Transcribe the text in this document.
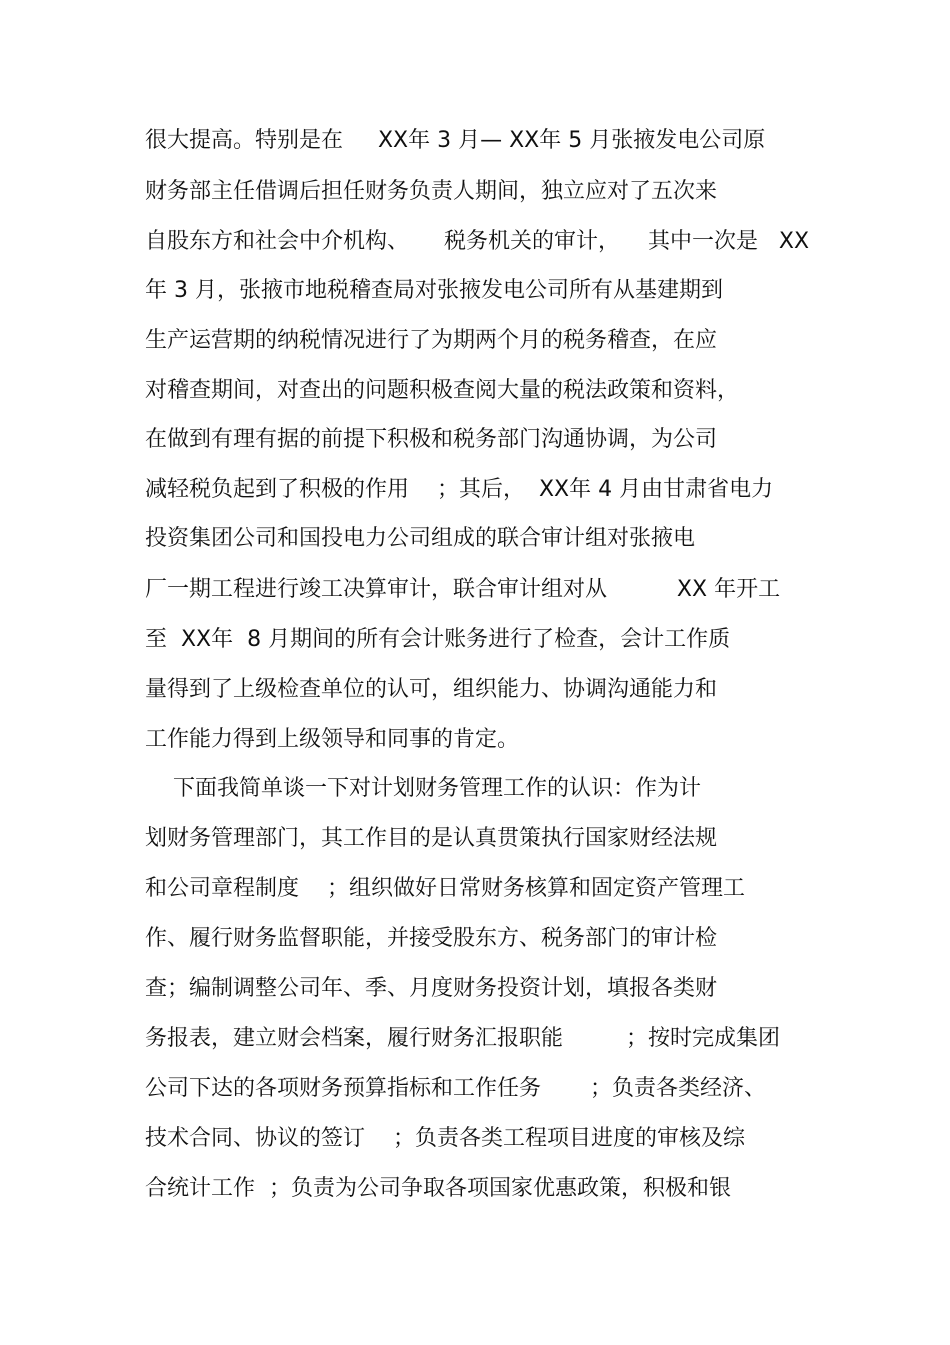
很大提高。特别是在     XX年 3 月— XX年 5 月张掖发电公司原
财务部主任借调后担任财务负责人期间，独立应对了五次来
自股东方和社会中介机构、     税务机关的审计，    其中一次是   XX
年 3 月，张掖市地税稽查局对张掖发电公司所有从基建期到
生产运营期的纳税情况进行了为期两个月的税务稽查，在应
对稽查期间，对查出的问题积极查阅大量的税法政策和资料，
在做到有理有据的前提下积极和税务部门沟通协调，为公司
减轻税负起到了积极的作用    ；其后，  XX年 4 月由甘肃省电力
投资集团公司和国投电力公司组成的联合审计组对张掖电
厂一期工程进行竣工决算审计，联合审计组对从          XX 年开工
至  XX年  8 月期间的所有会计账务进行了检查，会计工作质
量得到了上级检查单位的认可，组织能力、协调沟通能力和
工作能力得到上级领导和同事的肯定。
下面我简单谈一下对计划财务管理工作的认识：作为计
划财务管理部门，其工作目的是认真贯策执行国家财经法规
和公司章程制度    ；组织做好日常财务核算和固定资产管理工
作、履行财务监督职能，并接受股东方、税务部门的审计检
查；编制调整公司年、季、月度财务投资计划，填报各类财
务报表，建立财会档案，履行财务汇报职能         ；按时完成集团
公司下达的各项财务预算指标和工作任务       ；负责各类经济、
技术合同、协议的签订    ；负责各类工程项目进度的审核及综
合统计工作  ；负责为公司争取各项国家优惠政策，积极和银
